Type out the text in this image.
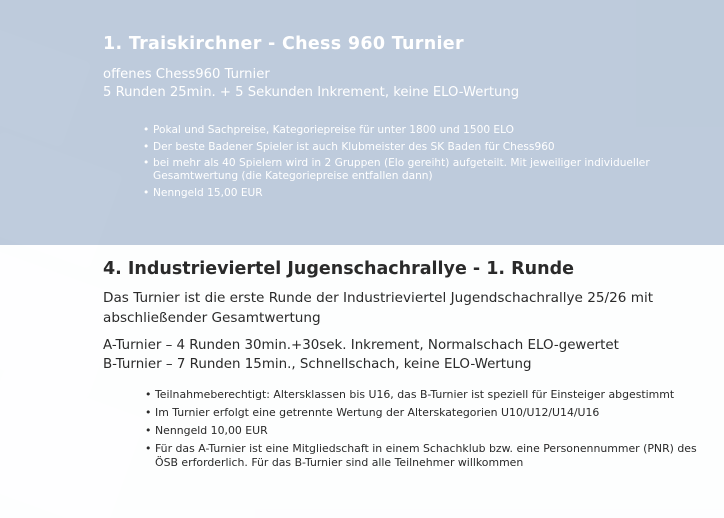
1. Traiskirchner - Chess 960 Turnier
offenes Chess960 Turnier
5 Runden 25min. + 5 Sekunden Inkrement, keine ELO-Wertung
• Pokal und Sachpreise, Kategoriepreise für unter 1800 und 1500 ELO
• Der beste Badener Spieler ist auch Klubmeister des SK Baden für Chess960
• bei mehr als 40 Spielern wird in 2 Gruppen (Elo gereiht) aufgeteilt. Mit jeweiliger individueller Gesamtwertung (die Kategoriepreise entfallen dann)
• Nenngeld 15,00 EUR
4. Industrieviertel Jugenschachrallye - 1. Runde
Das Turnier ist die erste Runde der Industrieviertel Jugendschachrallye 25/26 mit abschließender Gesamtwertung
A-Turnier – 4 Runden 30min.+30sek. Inkrement, Normalschach ELO-gewertet
B-Turnier – 7 Runden 15min., Schnellschach, keine ELO-Wertung
• Teilnahmeberechtigt: Altersklassen bis U16, das B-Turnier ist speziell für Einsteiger abgestimmt
• Im Turnier erfolgt eine getrennte Wertung der Alterskategorien U10/U12/U14/U16
• Nenngeld 10,00 EUR
• Für das A-Turnier ist eine Mitgliedschaft in einem Schachklub bzw. eine Personennummer (PNR) des ÖSB erforderlich. Für das B-Turnier sind alle Teilnehmer willkommen
